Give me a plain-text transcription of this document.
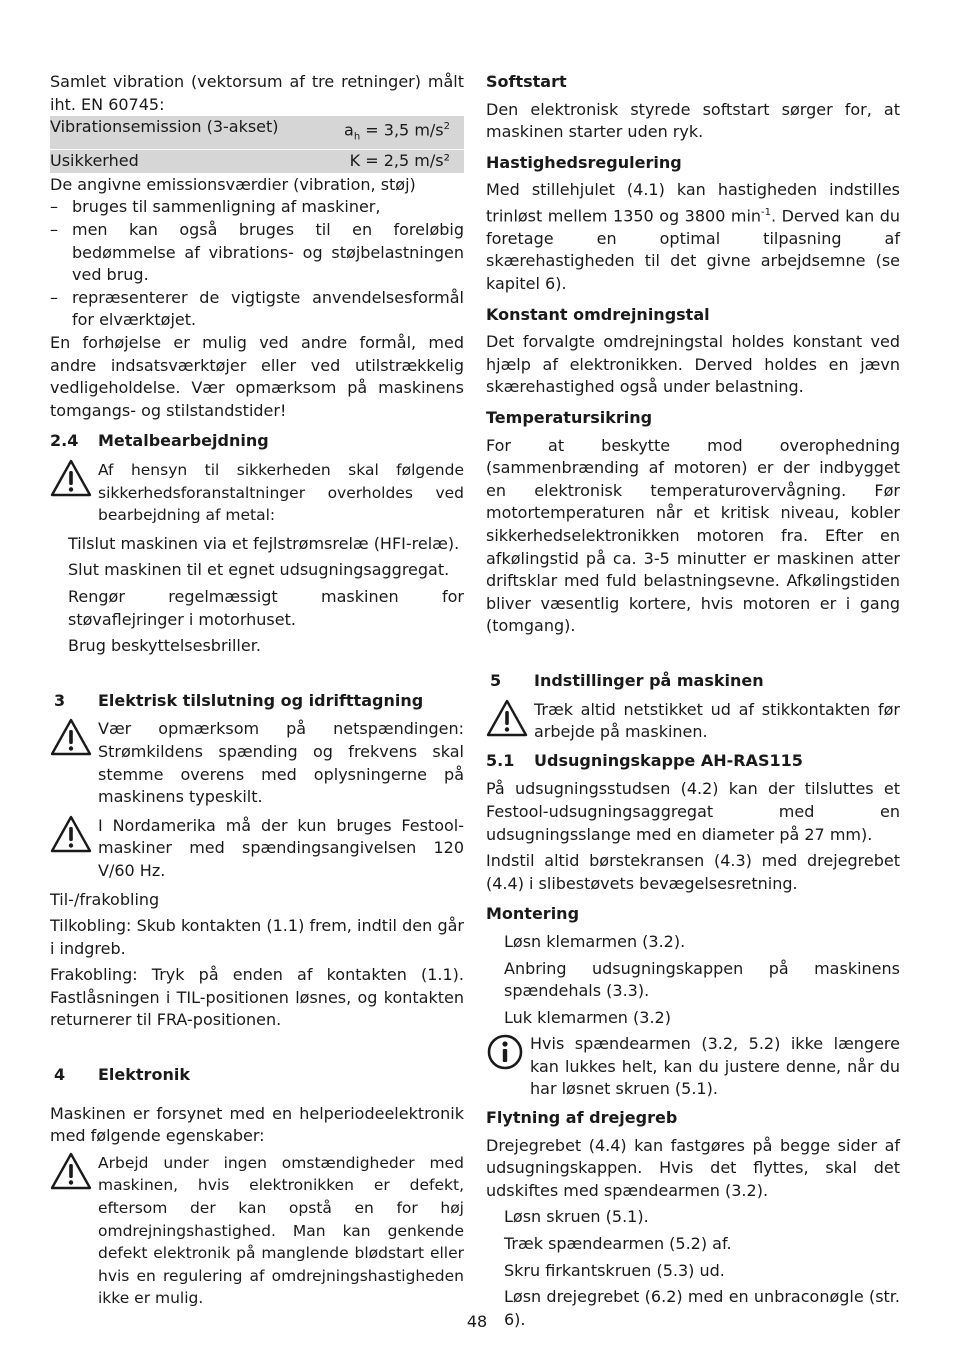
Samlet vibration (vektorsum af tre retninger) målt iht. EN 60745:

Vibrationsemission (3-akset)	$a_h = 3,5$ $m/s^2$
Usikkerhed	K = 2,5 m/s²

De angivne emissionsværdier (vibration, støj)

– bruges til sammenligning af maskiner,
– men kan også bruges til en foreløbig bedømmelse af vibrations- og støjbelastningen ved brug.
– repræsenterer de vigtigste anvendelsesformål for elværktøjet.

En forhøjelse er mulig ved andre formål, med andre indsatsværktøjer eller ved utilstrækkelig vedligeholdelse. Vær opmærksom på maskinens tomgangs- og stilstandstider!

2.4	Metalbearbejdning
Af hensyn til sikkerheden skal følgende sikkerhedsforanstaltninger overholdes ved bearbejdning af metal:

Tilslut maskinen via et fejlstrømsrelæ (HFI-relæ).

Slut maskinen til et egnet udsugningsaggregat.

Rengør regelmæssigt maskinen for støvaflejringer i motorhuset.

Brug beskyttelsesbriller.

3	Elektrisk tilslutning og idrifttagning
Vær opmærksom på netspændingen: Strømkildens spænding og frekvens skal stemme overens med oplysningerne på maskinens typeskilt.
I Nordamerika må der kun bruges Festool-maskiner med spændingsangivelsen 120 V/60 Hz.

Til-/frakobling

Tilkobling: Skub kontakten (1.1) frem, indtil den går i indgreb.

Frakobling: Tryk på enden af kontakten (1.1). Fastlåsningen i TIL-positionen løsnes, og kontakten returnerer til FRA-positionen.

4	Elektronik

Maskinen er forsynet med en helperiodeelektronik med følgende egenskaber:

Arbejd under ingen omstændigheder med maskinen, hvis elektronikken er defekt, eftersom der kan opstå en for høj omdrejningshastighed. Man kan genkende defekt elektronik på manglende blødstart eller hvis en regulering af omdrejningshastigheden ikke er mulig.
Softstart

Den elektronisk styrede softstart sørger for, at maskinen starter uden ryk.

Hastighedsregulering

Med stillehjulet (4.1) kan hastigheden indstilles trinløst mellem 1350 og 3800 $\min^{-1}$. Derved kan du foretage en optimal tilpasning af skærehastigheden til det givne arbejdsemne (se kapitel 6).

Konstant omdrejningstal

Det forvalgte omdrejningstal holdes konstant ved hjælp af elektronikken. Derved holdes en jævn skærehastighed også under belastning.

Temperatursikring

For at beskytte mod overophedning (sammenbrænding af motoren) er der indbygget en elektronisk temperaturovervågning. Før motortemperaturen når et kritisk niveau, kobler sikkerhedselektronikken motoren fra. Efter en afkølingstid på ca. 3-5 minutter er maskinen atter driftsklar med fuld belastningsevne. Afkølingstiden bliver væsentlig kortere, hvis motoren er i gang (tomgang).

5	Indstillinger på maskinen
Træk altid netstikket ud af stikkontakten før arbejde på maskinen.
5.1	Udsugningskappe AH-RAS115

På udsugningsstudsen (4.2) kan der tilsluttes et Festool-udsugningsaggregat med en udsugningsslange med en diameter på 27 mm).

Indstil altid børstekransen (4.3) med drejegrebet (4.4) i slibestøvets bevægelsesretning.

Montering

Løsn klemarmen (3.2).

Anbring udsugningskappen på maskinens spændehals (3.3).

Luk klemarmen (3.2)

Hvis spændearmen (3.2, 5.2) ikke længere kan lukkes helt, kan du justere denne, når du har løsnet skruen (5.1).
Flytning af drejegreb

Drejegrebet (4.4) kan fastgøres på begge sider af udsugningskappen. Hvis det flyttes, skal det udskiftes med spændearmen (3.2).

Løsn skruen (5.1).

Træk spændearmen (5.2) af.

Skru firkantskruen (5.3) ud.

Løsn drejegrebet (6.2) med en unbraconøgle (str. 6).

48
